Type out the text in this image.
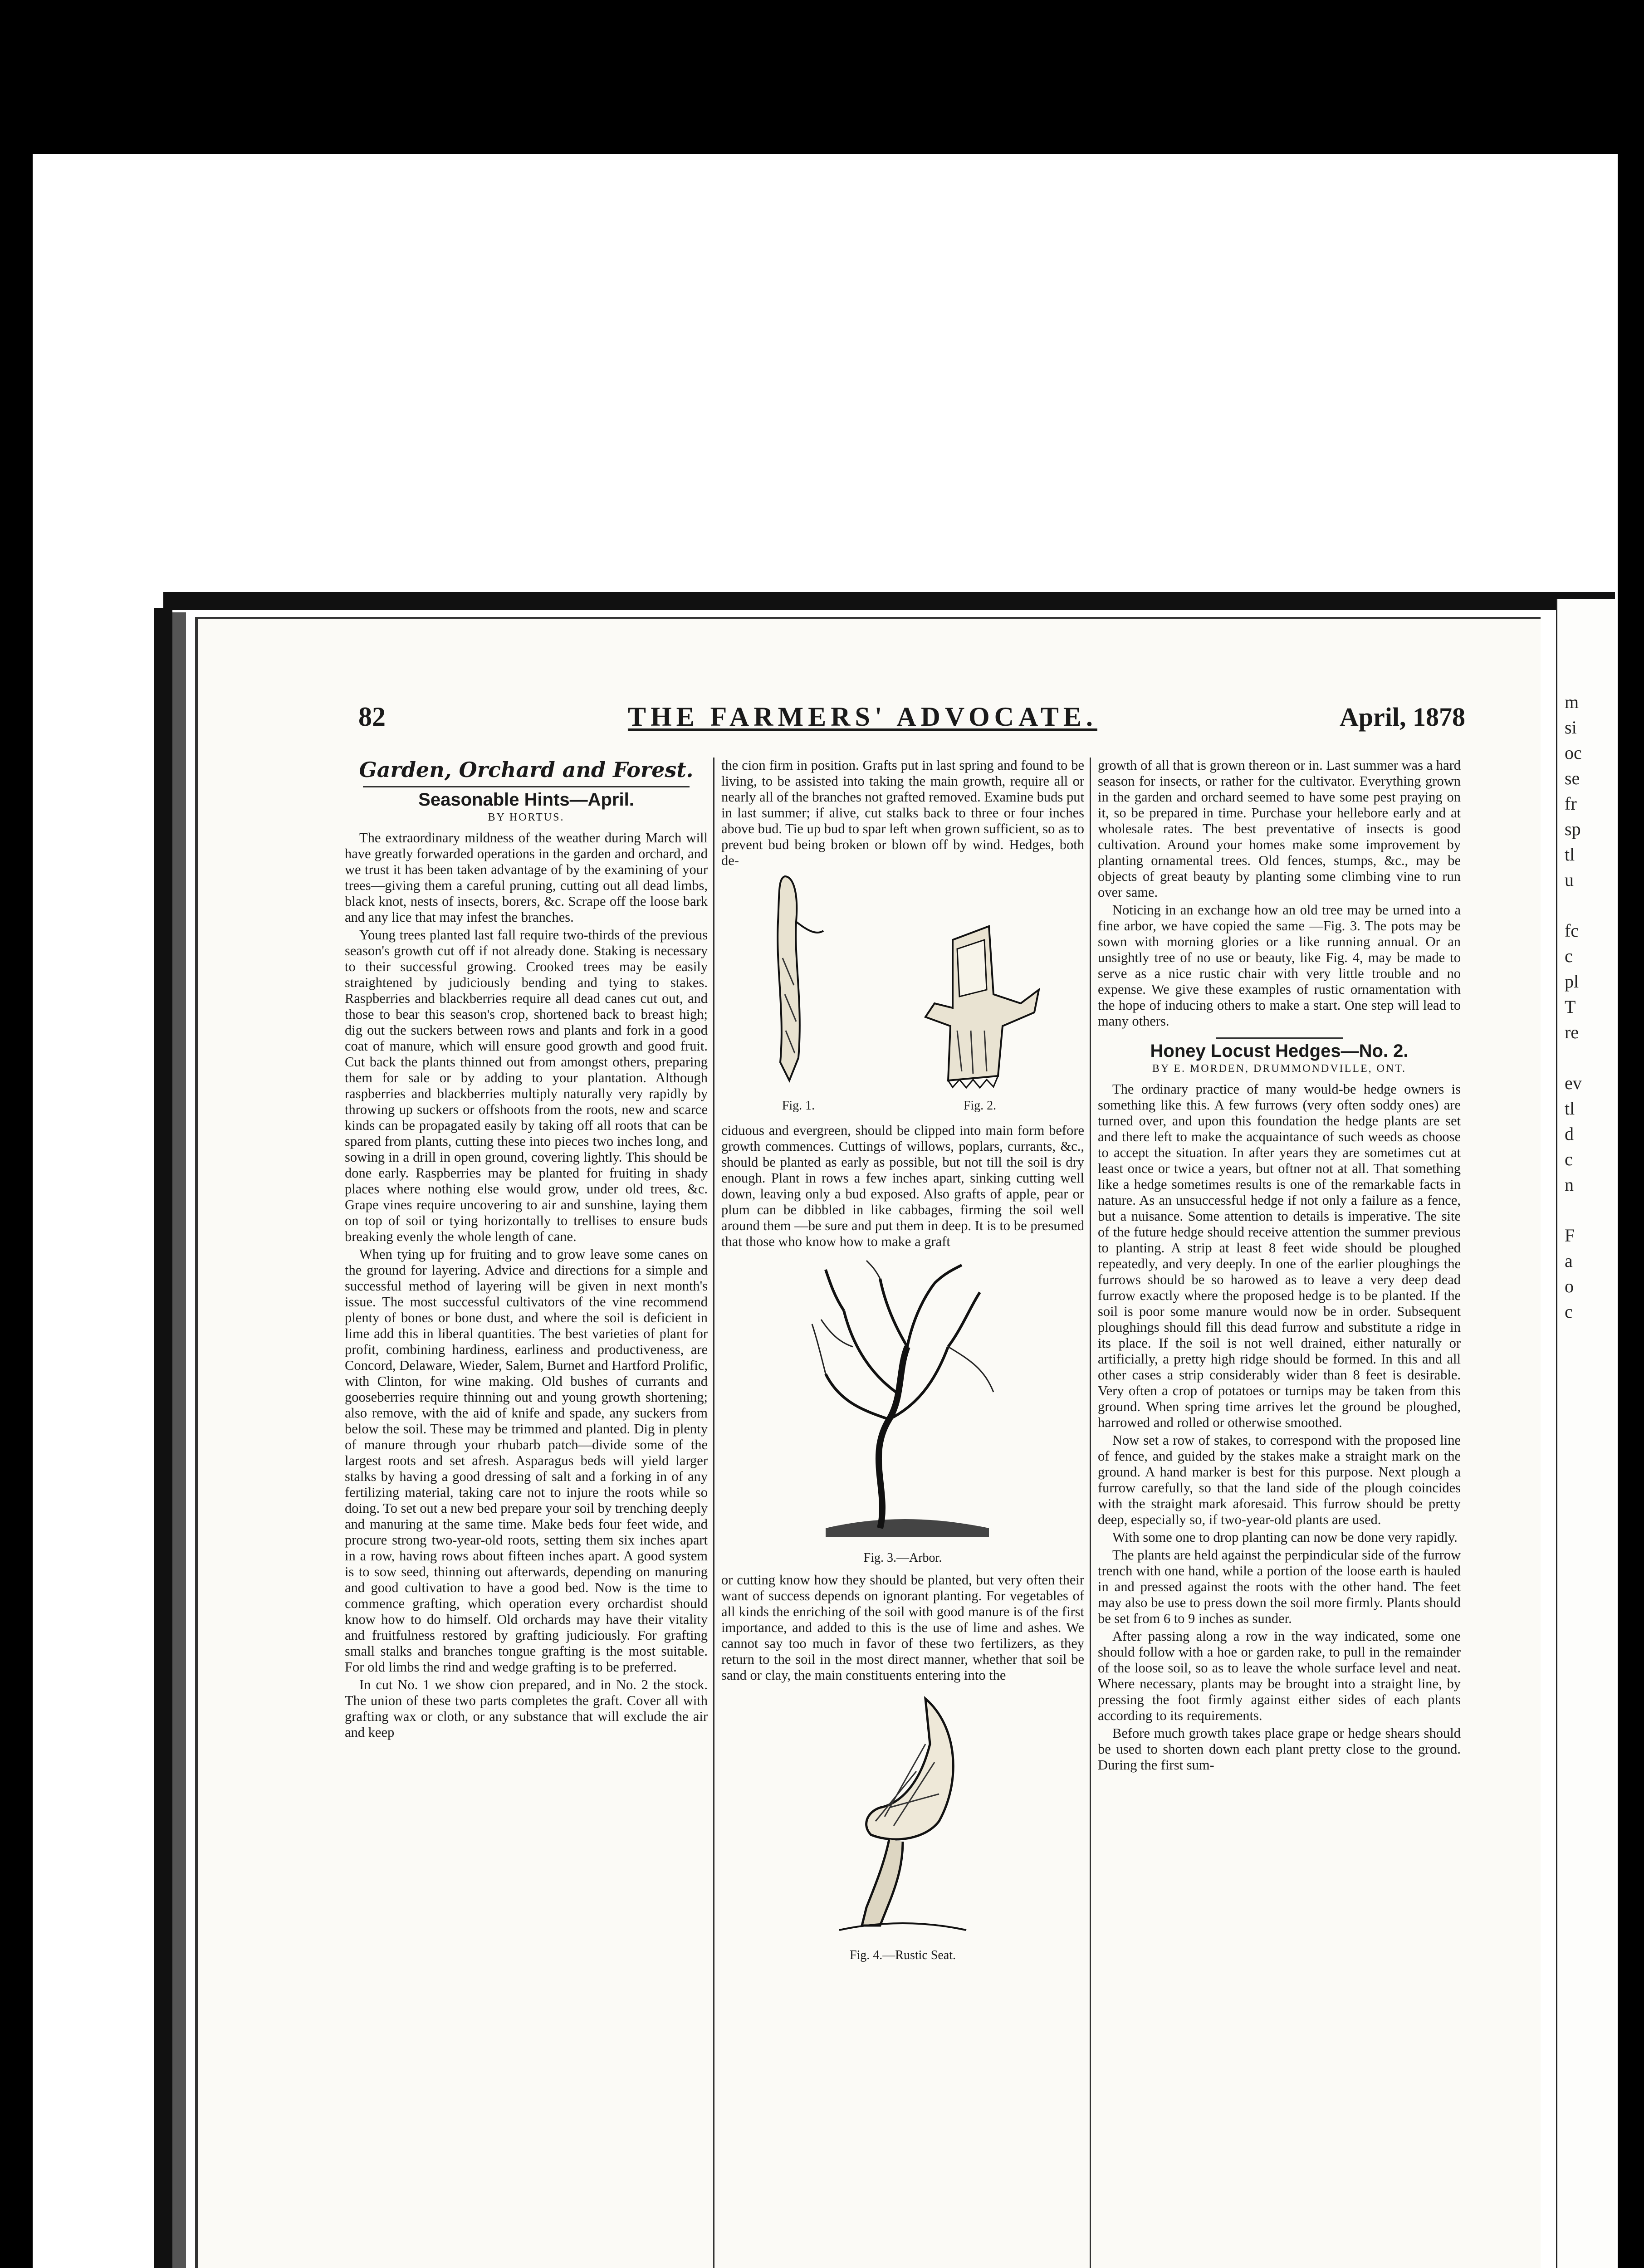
m
si
oc
se
fr
sp
tl
u

fc
c
pl
T
re

ev
tl
d
c
n

F
a
o
c
82	THE FARMERS' ADVOCATE.	April, 1878
Garden, Orchard and Forest.
Seasonable Hints—April.
BY HORTUS.

The extraordinary mildness of the weather during March will have greatly forwarded operations in the garden and orchard, and we trust it has been taken advantage of by the examining of your trees—giving them a careful pruning, cutting out all dead limbs, black knot, nests of insects, borers, &c. Scrape off the loose bark and any lice that may infest the branches.

Young trees planted last fall require two-thirds of the previous season's growth cut off if not already done. Staking is necessary to their successful growing. Crooked trees may be easily straightened by judiciously bending and tying to stakes. Raspberries and blackberries require all dead canes cut out, and those to bear this season's crop, shortened back to breast high; dig out the suckers between rows and plants and fork in a good coat of manure, which will ensure good growth and good fruit. Cut back the plants thinned out from amongst others, preparing them for sale or by adding to your plantation. Although raspberries and blackberries multiply naturally very rapidly by throwing up suckers or offshoots from the roots, new and scarce kinds can be propagated easily by taking off all roots that can be spared from plants, cutting these into pieces two inches long, and sowing in a drill in open ground, covering lightly. This should be done early. Raspberries may be planted for fruiting in shady places where nothing else would grow, under old trees, &c. Grape vines require uncovering to air and sunshine, laying them on top of soil or tying horizontally to trellises to ensure buds breaking evenly the whole length of cane.

When tying up for fruiting and to grow leave some canes on the ground for layering. Advice and directions for a simple and successful method of layering will be given in next month's issue. The most successful cultivators of the vine recommend plenty of bones or bone dust, and where the soil is deficient in lime add this in liberal quantities. The best varieties of plant for profit, combining hardiness, earliness and productiveness, are Concord, Delaware, Wieder, Salem, Burnet and Hartford Prolific, with Clinton, for wine making. Old bushes of currants and gooseberries require thinning out and young growth shortening; also remove, with the aid of knife and spade, any suckers from below the soil. These may be trimmed and planted. Dig in plenty of manure through your rhubarb patch—divide some of the largest roots and set afresh. Asparagus beds will yield larger stalks by having a good dressing of salt and a forking in of any fertilizing material, taking care not to injure the roots while so doing. To set out a new bed prepare your soil by trenching deeply and manuring at the same time. Make beds four feet wide, and procure strong two-year-old roots, setting them six inches apart in a row, having rows about fifteen inches apart. A good system is to sow seed, thinning out afterwards, depending on manuring and good cultivation to have a good bed. Now is the time to commence grafting, which operation every orchardist should know how to do himself. Old orchards may have their vitality and fruitfulness restored by grafting judiciously. For grafting small stalks and branches tongue grafting is the most suitable. For old limbs the rind and wedge grafting is to be preferred.

In cut No. 1 we show cion prepared, and in No. 2 the stock. The union of these two parts completes the graft. Cover all with grafting wax or cloth, or any substance that will exclude the air and keep

the cion firm in position. Grafts put in last spring and found to be living, to be assisted into taking the main growth, require all or nearly all of the branches not grafted removed. Examine buds put in last summer; if alive, cut stalks back to three or four inches above bud. Tie up bud to spar left when grown sufficient, so as to prevent bud being broken or blown off by wind. Hedges, both de-

Fig. 1.	Fig. 2.

ciduous and evergreen, should be clipped into main form before growth commences. Cuttings of willows, poplars, currants, &c., should be planted as early as possible, but not till the soil is dry enough. Plant in rows a few inches apart, sinking cutting well down, leaving only a bud exposed. Also grafts of apple, pear or plum can be dibbled in like cabbages, firming the soil well around them —be sure and put them in deep. It is to be presumed that those who know how to make a graft

Fig. 3.—Arbor.

or cutting know how they should be planted, but very often their want of success depends on ignorant planting. For vegetables of all kinds the enriching of the soil with good manure is of the first importance, and added to this is the use of lime and ashes. We cannot say too much in favor of these two fertilizers, as they return to the soil in the most direct manner, whether that soil be sand or clay, the main constituents entering into the

Fig. 4.—Rustic Seat.

growth of all that is grown thereon or in. Last summer was a hard season for insects, or rather for the cultivator. Everything grown in the garden and orchard seemed to have some pest praying on it, so be prepared in time. Purchase your hellebore early and at wholesale rates. The best preventative of insects is good cultivation. Around your homes make some improvement by planting ornamental trees. Old fences, stumps, &c., may be objects of great beauty by planting some climbing vine to run over same.

Noticing in an exchange how an old tree may be urned into a fine arbor, we have copied the same —Fig. 3. The pots may be sown with morning glories or a like running annual. Or an unsightly tree of no use or beauty, like Fig. 4, may be made to serve as a nice rustic chair with very little trouble and no expense. We give these examples of rustic ornamentation with the hope of inducing others to make a start. One step will lead to many others.

Honey Locust Hedges—No. 2.
BY E. MORDEN, DRUMMONDVILLE, ONT.

The ordinary practice of many would-be hedge owners is something like this. A few furrows (very often soddy ones) are turned over, and upon this foundation the hedge plants are set and there left to make the acquaintance of such weeds as choose to accept the situation. In after years they are sometimes cut at least once or twice a years, but oftner not at all. That something like a hedge sometimes results is one of the remarkable facts in nature. As an unsuccessful hedge if not only a failure as a fence, but a nuisance. Some attention to details is imperative. The site of the future hedge should receive attention the summer previous to planting. A strip at least 8 feet wide should be ploughed repeatedly, and very deeply. In one of the earlier ploughings the furrows should be so harowed as to leave a very deep dead furrow exactly where the proposed hedge is to be planted. If the soil is poor some manure would now be in order. Subsequent ploughings should fill this dead furrow and substitute a ridge in its place. If the soil is not well drained, either naturally or artificially, a pretty high ridge should be formed. In this and all other cases a strip considerably wider than 8 feet is desirable. Very often a crop of potatoes or turnips may be taken from this ground. When spring time arrives let the ground be ploughed, harrowed and rolled or otherwise smoothed.

Now set a row of stakes, to correspond with the proposed line of fence, and guided by the stakes make a straight mark on the ground. A hand marker is best for this purpose. Next plough a furrow carefully, so that the land side of the plough coincides with the straight mark aforesaid. This furrow should be pretty deep, especially so, if two-year-old plants are used.

With some one to drop planting can now be done very rapidly.

The plants are held against the perpindicular side of the furrow trench with one hand, while a portion of the loose earth is hauled in and pressed against the roots with the other hand. The feet may also be use to press down the soil more firmly. Plants should be set from 6 to 9 inches as sunder.

After passing along a row in the way indicated, some one should follow with a hoe or garden rake, to pull in the remainder of the loose soil, so as to leave the whole surface level and neat. Where necessary, plants may be brought into a straight line, by pressing the foot firmly against either sides of each plants according to its requirements.

Before much growth takes place grape or hedge shears should be used to shorten down each plant pretty close to the ground. During the first sum-
